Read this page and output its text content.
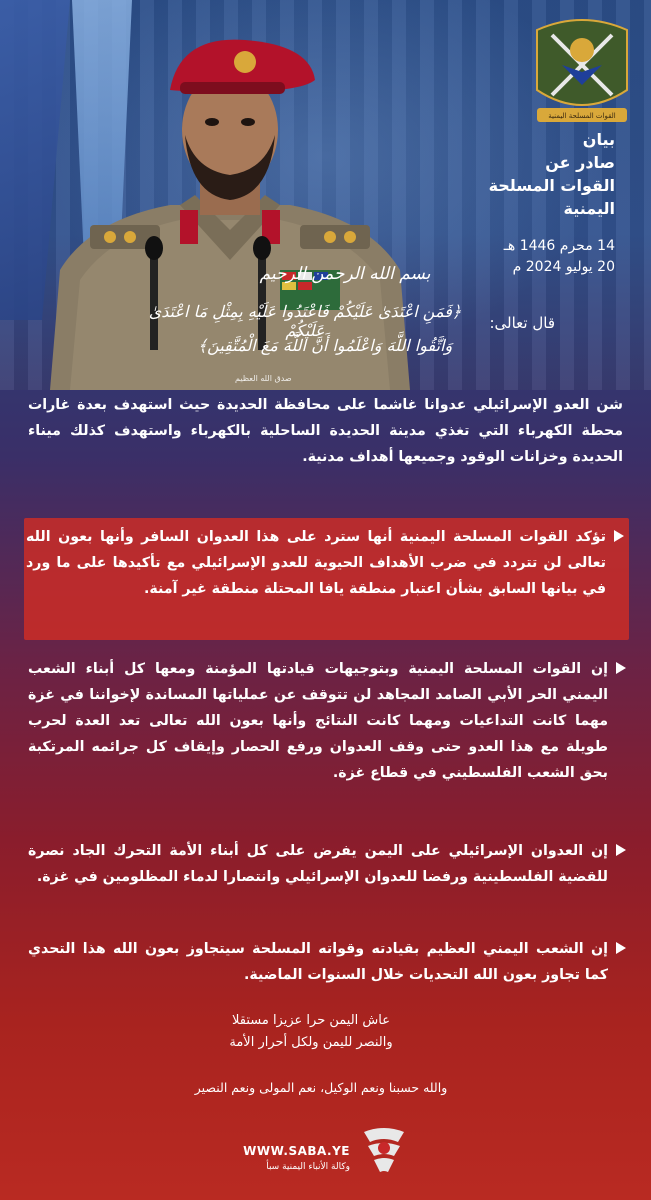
القوات المسلحة اليمنية
بيان
صادر عن
القوات المسلحة
اليمنية
14 محرم 1446 هـ
20 يوليو 2024 م
بسم الله الرحمن الرحيم
قال تعالى:
﴿فَمَنِ اعْتَدَىٰ عَلَيْكُمْ فَاعْتَدُوا عَلَيْهِ بِمِثْلِ مَا اعْتَدَىٰ عَلَيْكُمْ
وَاتَّقُوا اللَّهَ وَاعْلَمُوا أَنَّ اللَّهَ مَعَ الْمُتَّقِينَ﴾
صدق الله العظيم
شن العدو الإسرائيلي عدوانا غاشما على محافظة الحديدة حيث استهدف بعدة غارات محطة الكهرباء التي تغذي مدينة الحديدة الساحلية بالكهرباء واستهدف كذلك ميناء الحديدة وخزانات الوقود وجميعها أهداف مدنية.
تؤكد القوات المسلحة اليمنية أنها سترد على هذا العدوان السافر وأنها بعون الله تعالى لن تتردد في ضرب الأهداف الحيوية للعدو الإسرائيلي مع تأكيدها على ما ورد في بيانها السابق بشأن اعتبار منطقة يافا المحتلة منطقة غير آمنة.
إن القوات المسلحة اليمنية وبتوجيهات قيادتها المؤمنة ومعها كل أبناء الشعب اليمني الحر الأبي الصامد المجاهد لن تتوقف عن عملياتها المساندة لإخواننا في غزة مهما كانت التداعيات ومهما كانت النتائج وأنها بعون الله تعالى تعد العدة لحرب طويلة مع هذا العدو حتى وقف العدوان ورفع الحصار وإيقاف كل جرائمه المرتكبة بحق الشعب الفلسطيني في قطاع غزة.
إن العدوان الإسرائيلي على اليمن يفرض على كل أبناء الأمة التحرك الجاد نصرة للقضية الفلسطينية ورفضا للعدوان الإسرائيلي وانتصارا لدماء المظلومين في غزة.
إن الشعب اليمني العظيم بقيادته وقواته المسلحة سيتجاوز بعون الله هذا التحدي كما تجاوز بعون الله التحديات خلال السنوات الماضية.
عاش اليمن حرا عزيزا مستقلا
والنصر لليمن ولكل أحرار الأمة
والله حسبنا ونعم الوكيل، نعم المولى ونعم النصير
WWW.SABA.YE
وكالة الأنباء اليمنية سبأ
